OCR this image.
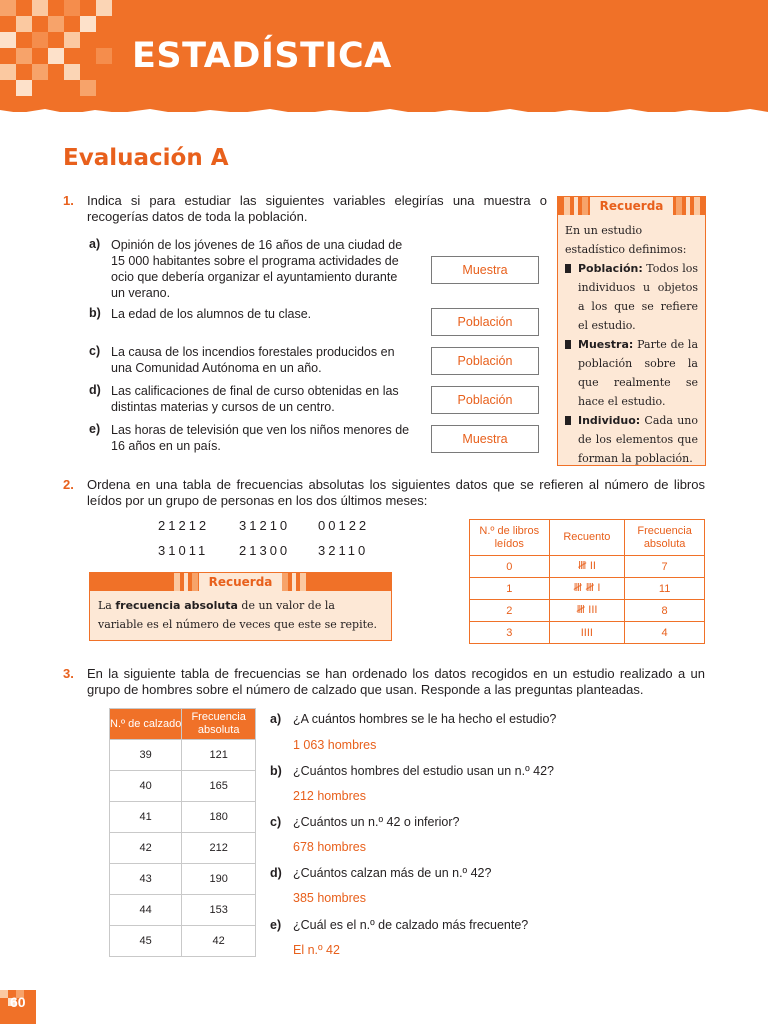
ESTADÍSTICA
Evaluación A
1. Indica si para estudiar las siguientes variables elegirías una muestra o recogerías datos de toda la población.
a) Opinión de los jóvenes de 16 años de una ciudad de 15 000 habitantes sobre el programa actividades de ocio que debería organizar el ayuntamiento durante un verano.
Muestra
b) La edad de los alumnos de tu clase.
Población
c) La causa de los incendios forestales producidos en una Comunidad Autónoma en un año.	Población
d) Las calificaciones de final de curso obtenidas en las distintas materias y cursos de un centro.	Población
e) Las horas de televisión que ven los niños menores de 16 años en un país.	Muestra
Recuerda
En un estudio estadístico definimos:
Población: Todos los individuos u objetos a los que se refiere el estudio.
Muestra: Parte de la población sobre la que realmente se hace el estudio.
Individuo: Cada uno de los elementos que forman la población.
2. Ordena en una tabla de frecuencias absolutas los siguientes datos que se refieren al número de libros leídos por un grupo de personas en los dos últimos meses:
21212 31210 00122
31011 21300 32110
N.º de libros leídos	Recuento	Frecuencia absoluta
0	𝍸 II	7
1	𝍸 𝍸 I	11
2	𝍸 III	8
3	IIII	4
Recuerda
La frecuencia absoluta de un valor de la variable es el número de veces que este se repite.
3. En la siguiente tabla de frecuencias se han ordenado los datos recogidos en un estudio realizado a un grupo de hombres sobre el número de calzado que usan. Responde a las preguntas planteadas.
N.º de calzado	Frecuencia absoluta
39	121
40	165
41	180
42	212
43	190
44	153
45	42
a) ¿A cuántos hombres se le ha hecho el estudio?
1 063 hombres
b) ¿Cuántos hombres del estudio usan un n.º 42?
212 hombres
c) ¿Cuántos un n.º 42 o inferior?
678 hombres
d) ¿Cuántos calzan más de un n.º 42?
385 hombres
e) ¿Cuál es el n.º de calzado más frecuente?
El n.º 42
60
